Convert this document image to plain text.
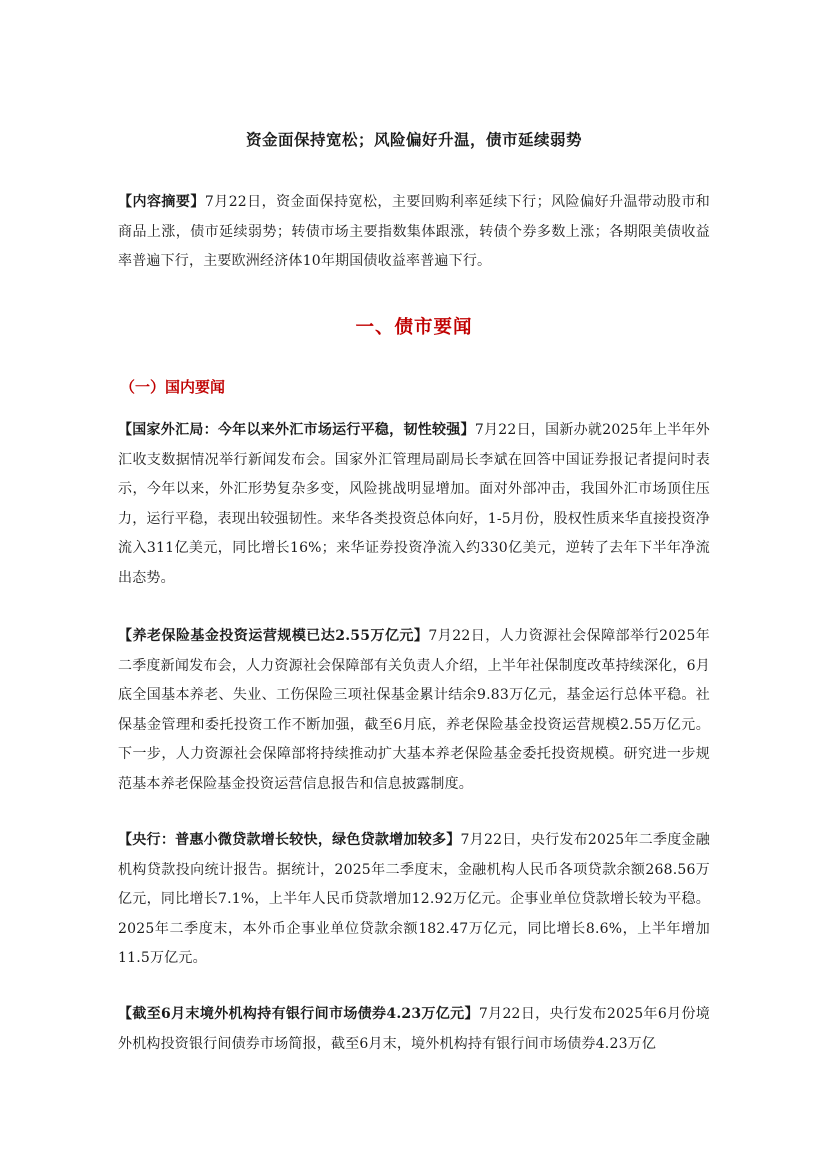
资金面保持宽松；风险偏好升温，债市延续弱势

【内容摘要】7月22日，资金面保持宽松，主要回购利率延续下行；风险偏好升温带动股市和商品上涨，债市延续弱势；转债市场主要指数集体跟涨，转债个券多数上涨；各期限美债收益率普遍下行，主要欧洲经济体10年期国债收益率普遍下行。

一、债市要闻
（一）国内要闻

【国家外汇局：今年以来外汇市场运行平稳，韧性较强】7月22日，国新办就2025年上半年外汇收支数据情况举行新闻发布会。国家外汇管理局副局长李斌在回答中国证券报记者提问时表示，今年以来，外汇形势复杂多变，风险挑战明显增加。面对外部冲击，我国外汇市场顶住压力，运行平稳，表现出较强韧性。来华各类投资总体向好，1-5月份，股权性质来华直接投资净流入311亿美元，同比增长16%；来华证券投资净流入约330亿美元，逆转了去年下半年净流出态势。

【养老保险基金投资运营规模已达2.55万亿元】7月22日，人力资源社会保障部举行2025年二季度新闻发布会，人力资源社会保障部有关负责人介绍，上半年社保制度改革持续深化，6月底全国基本养老、失业、工伤保险三项社保基金累计结余9.83万亿元，基金运行总体平稳。社保基金管理和委托投资工作不断加强，截至6月底，养老保险基金投资运营规模2.55万亿元。下一步，人力资源社会保障部将持续推动扩大基本养老保险基金委托投资规模。研究进一步规范基本养老保险基金投资运营信息报告和信息披露制度。

【央行：普惠小微贷款增长较快，绿色贷款增加较多】7月22日，央行发布2025年二季度金融机构贷款投向统计报告。据统计，2025年二季度末，金融机构人民币各项贷款余额268.56万亿元，同比增长7.1%，上半年人民币贷款增加12.92万亿元。企事业单位贷款增长较为平稳。2025年二季度末，本外币企事业单位贷款余额182.47万亿元，同比增长8.6%，上半年增加11.5万亿元。

【截至6月末境外机构持有银行间市场债券4.23万亿元】7月22日，央行发布2025年6月份境外机构投资银行间债券市场简报，截至6月末，境外机构持有银行间市场债券4.23万亿
